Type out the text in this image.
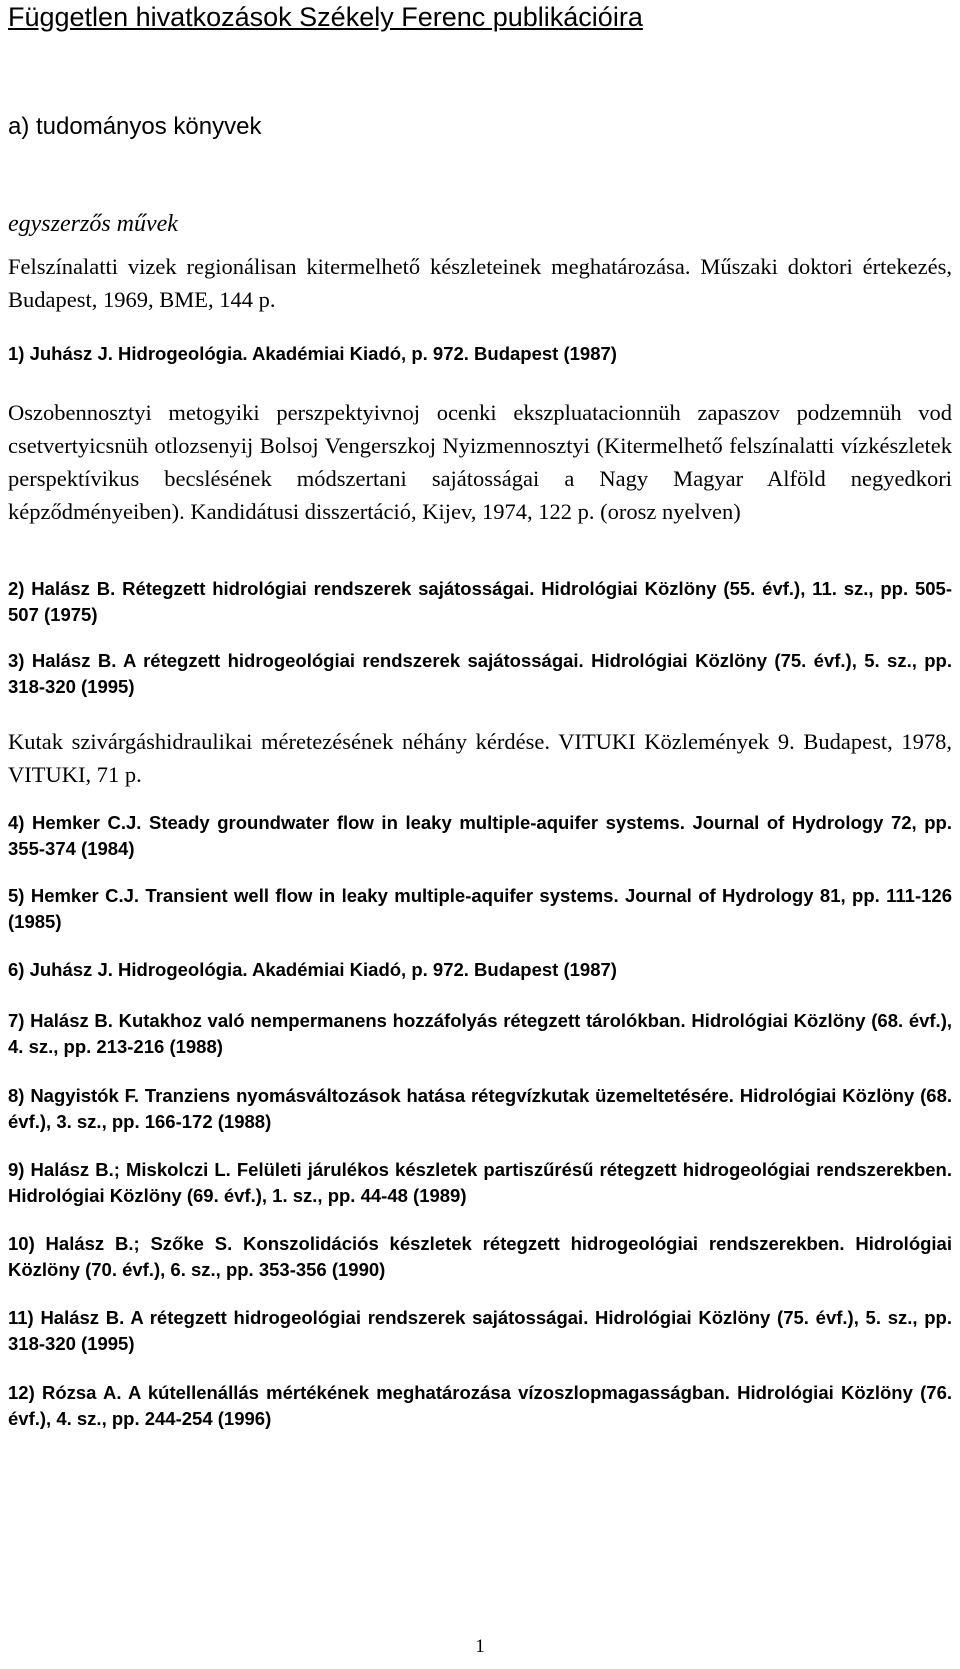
Független hivatkozások Székely Ferenc publikációira
a) tudományos könyvek
egyszerzős művek

Felszínalatti vizek regionálisan kitermelhető készleteinek meghatározása. Műszaki doktori értekezés, Budapest, 1969, BME, 144 p.

1) Juhász J. Hidrogeológia. Akadémiai Kiadó, p. 972. Budapest (1987)

Oszobennosztyi metogyiki perszpektyivnoj ocenki ekszpluatacionnüh zapaszov podzemnüh vod csetvertyicsnüh otlozsenyij Bolsoj Vengerszkoj Nyizmennosztyi (Kitermelhető felszínalatti vízkészletek perspektívikus becslésének módszertani sajátosságai a Nagy Magyar Alföld negyedkori képződményeiben). Kandidátusi disszertáció, Kijev, 1974, 122 p. (orosz nyelven)

2) Halász B. Rétegzett hidrológiai rendszerek sajátosságai. Hidrológiai Közlöny (55. évf.), 11. sz., pp. 505-507 (1975)

3) Halász B. A rétegzett hidrogeológiai rendszerek sajátosságai. Hidrológiai Közlöny (75. évf.), 5. sz., pp. 318-320 (1995)

Kutak szivárgáshidraulikai méretezésének néhány kérdése. VITUKI Közlemények 9. Budapest, 1978, VITUKI, 71 p.

4) Hemker C.J. Steady groundwater flow in leaky multiple-aquifer systems. Journal of Hydrology 72, pp. 355-374 (1984)

5) Hemker C.J. Transient well flow in leaky multiple-aquifer systems. Journal of Hydrology 81, pp. 111-126 (1985)

6) Juhász J. Hidrogeológia. Akadémiai Kiadó, p. 972. Budapest (1987)

7) Halász B. Kutakhoz való nempermanens hozzáfolyás rétegzett tárolókban. Hidrológiai Közlöny (68. évf.), 4. sz., pp. 213-216 (1988)

8) Nagyistók F. Tranziens nyomásváltozások hatása rétegvízkutak üzemeltetésére. Hidrológiai Közlöny (68. évf.), 3. sz., pp. 166-172 (1988)

9) Halász B.; Miskolczi L. Felületi járulékos készletek partiszűrésű rétegzett hidrogeológiai rendszerekben. Hidrológiai Közlöny (69. évf.), 1. sz., pp. 44-48 (1989)

10) Halász B.; Szőke S. Konszolidációs készletek rétegzett hidrogeológiai rendszerekben. Hidrológiai Közlöny (70. évf.), 6. sz., pp. 353-356 (1990)

11) Halász B. A rétegzett hidrogeológiai rendszerek sajátosságai. Hidrológiai Közlöny (75. évf.), 5. sz., pp. 318-320 (1995)

12) Rózsa A. A kútellenállás mértékének meghatározása vízoszlopmagasságban. Hidrológiai Közlöny (76. évf.), 4. sz., pp. 244-254 (1996)

1
